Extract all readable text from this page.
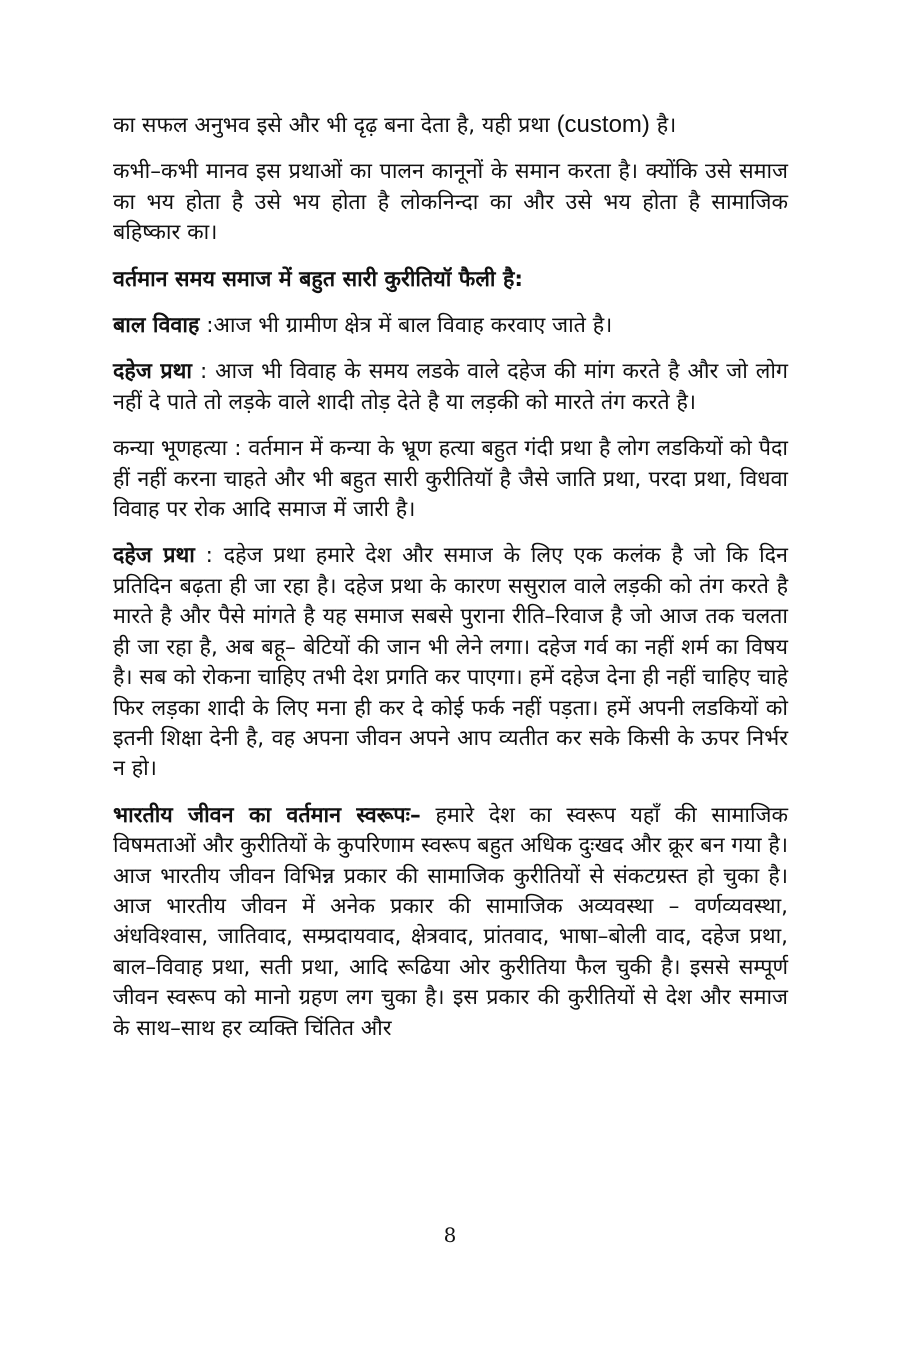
का सफल अनुभव इसे और भी दृढ़ बना देता है, यही प्रथा (custom) है।

कभी–कभी मानव इस प्रथाओं का पालन कानूनों के समान करता है। क्योंकि उसे समाज का भय होता है उसे भय होता है लोकनिन्दा का और उसे भय होता है सामाजिक बहिष्कार का।

वर्तमान समय समाज में बहुत सारी कुरीतियॉ फैली है:

बाल विवाह :आज भी ग्रामीण क्षेत्र में बाल विवाह करवाए जाते है।

दहेज प्रथा : आज भी विवाह के समय लडके वाले दहेज की मांग करते है और जो लोग नहीं दे पाते तो लड़के वाले शादी तोड़ देते है या लड़की को मारते तंग करते है।

कन्या भूणहत्या : वर्तमान में कन्या के भ्रूण हत्या बहुत गंदी प्रथा है लोग लडकियों को पैदा हीं नहीं करना चाहते और भी बहुत सारी कुरीतियॉ है जैसे जाति प्रथा, परदा प्रथा, विधवा विवाह पर रोक आदि समाज में जारी है।

दहेज प्रथा : दहेज प्रथा हमारे देश और समाज के लिए एक कलंक है जो कि दिन प्रतिदिन बढ़ता ही जा रहा है। दहेज प्रथा के कारण ससुराल वाले लड़की को तंग करते है मारते है और पैसे मांगते है यह समाज सबसे पुराना रीति–रिवाज है जो आज तक चलता ही जा रहा है, अब बहू– बेटियों की जान भी लेने लगा। दहेज गर्व का नहीं शर्म का विषय है। सब को रोकना चाहिए तभी देश प्रगति कर पाएगा। हमें दहेज देना ही नहीं चाहिए चाहे फिर लड़का शादी के लिए मना ही कर दे कोई फर्क नहीं पड़ता। हमें अपनी लडकियों को इतनी शिक्षा देनी है, वह अपना जीवन अपने आप व्यतीत कर सके किसी के ऊपर निर्भर न हो।

भारतीय जीवन का वर्तमान स्वरूपः– हमारे देश का स्वरूप यहाँ की सामाजिक विषमताओं और कुरीतियों के कुपरिणाम स्वरूप बहुत अधिक दुःखद और क्रूर बन गया है। आज भारतीय जीवन विभिन्न प्रकार की सामाजिक कुरीतियों से संकटग्रस्त हो चुका है। आज भारतीय जीवन में अनेक प्रकार की सामाजिक अव्यवस्था – वर्णव्यवस्था, अंधविश्वास, जातिवाद, सम्प्रदायवाद, क्षेत्रवाद, प्रांतवाद, भाषा–बोली वाद, दहेज प्रथा, बाल–विवाह प्रथा, सती प्रथा, आदि रूढिया ओर कुरीतिया फैल चुकी है। इससे सम्पूर्ण जीवन स्वरूप को मानो ग्रहण लग चुका है। इस प्रकार की कुरीतियों से देश और समाज के साथ–साथ हर व्यक्ति चिंतित और

8
